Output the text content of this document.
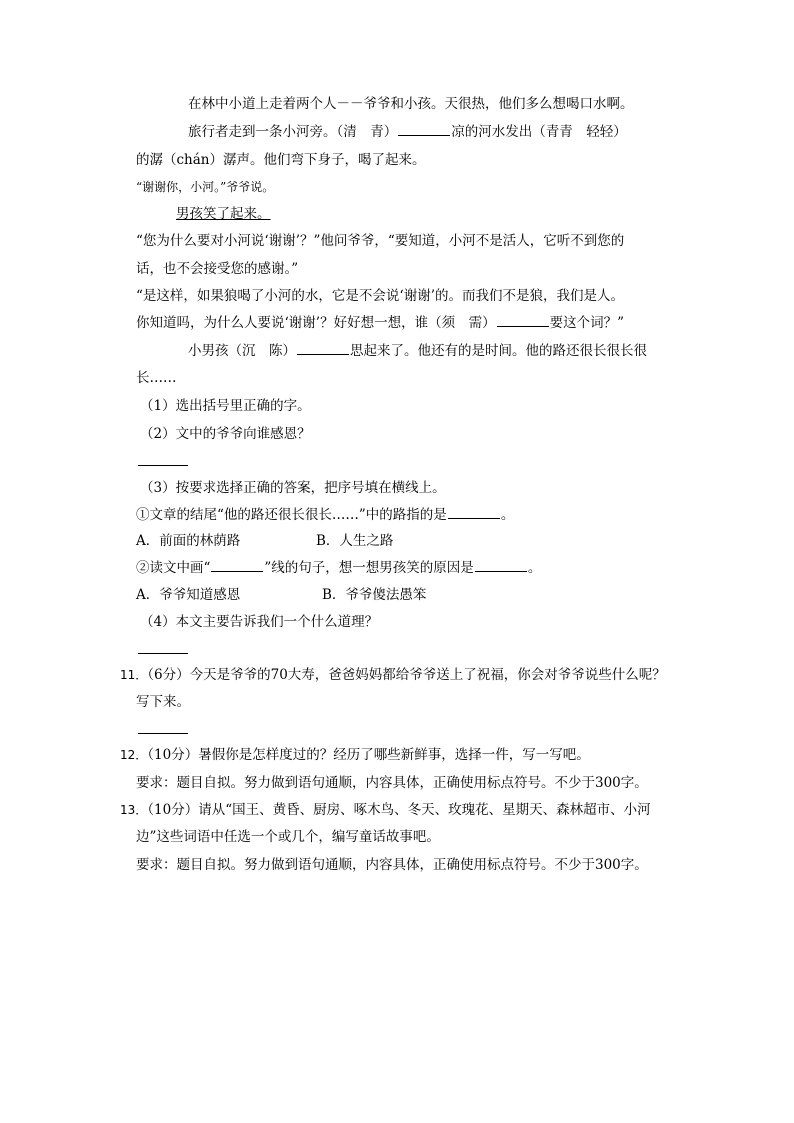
在林中小道上走着两个人－－爷爷和小孩。天很热，他们多么想喝口水啊。
旅行者走到一条小河旁。（清　青）	凉的河水发出（青青　轻轻）
的潺（chán）潺声。他们弯下身子，喝了起来。
“谢谢你，小河。”爷爷说。
男孩笑了起来。
“您为什么要对小河说‘谢谢’？”他问爷爷，“要知道，小河不是活人，它听不到您的
话，也不会接受您的感谢。”
“是这样，如果狼喝了小河的水，它是不会说‘谢谢’的。而我们不是狼，我们是人。
你知道吗，为什么人要说‘谢谢’？好好想一想，谁（须　需）	要这个词？”
小男孩（沉　陈）	思起来了。他还有的是时间。他的路还很长很长很
长……
（1）选出括号里正确的字。
（2）文中的爷爷向谁感恩？
（3）按要求选择正确的答案，把序号填在横线上。
①文章的结尾“他的路还很长很长……”中的路指的是	。
A．前面的林荫路	B．人生之路
②读文中画“	”线的句子，想一想男孩笑的原因是	。
A．爷爷知道感恩	B．爷爷傻法愚笨
（4）本文主要告诉我们一个什么道理？
11．（6分）今天是爷爷的70大寿，爸爸妈妈都给爷爷送上了祝福，你会对爷爷说些什么呢？
写下来。
12．（10分）暑假你是怎样度过的？经历了哪些新鲜事，选择一件，写一写吧。
要求：题目自拟。努力做到语句通顺，内容具体，正确使用标点符号。不少于300字。
13．（10分）请从“国王、黄昏、厨房、啄木鸟、冬天、玫瑰花、星期天、森林超市、小河
边”这些词语中任选一个或几个，编写童话故事吧。
要求：题目自拟。努力做到语句通顺，内容具体，正确使用标点符号。不少于300字。
